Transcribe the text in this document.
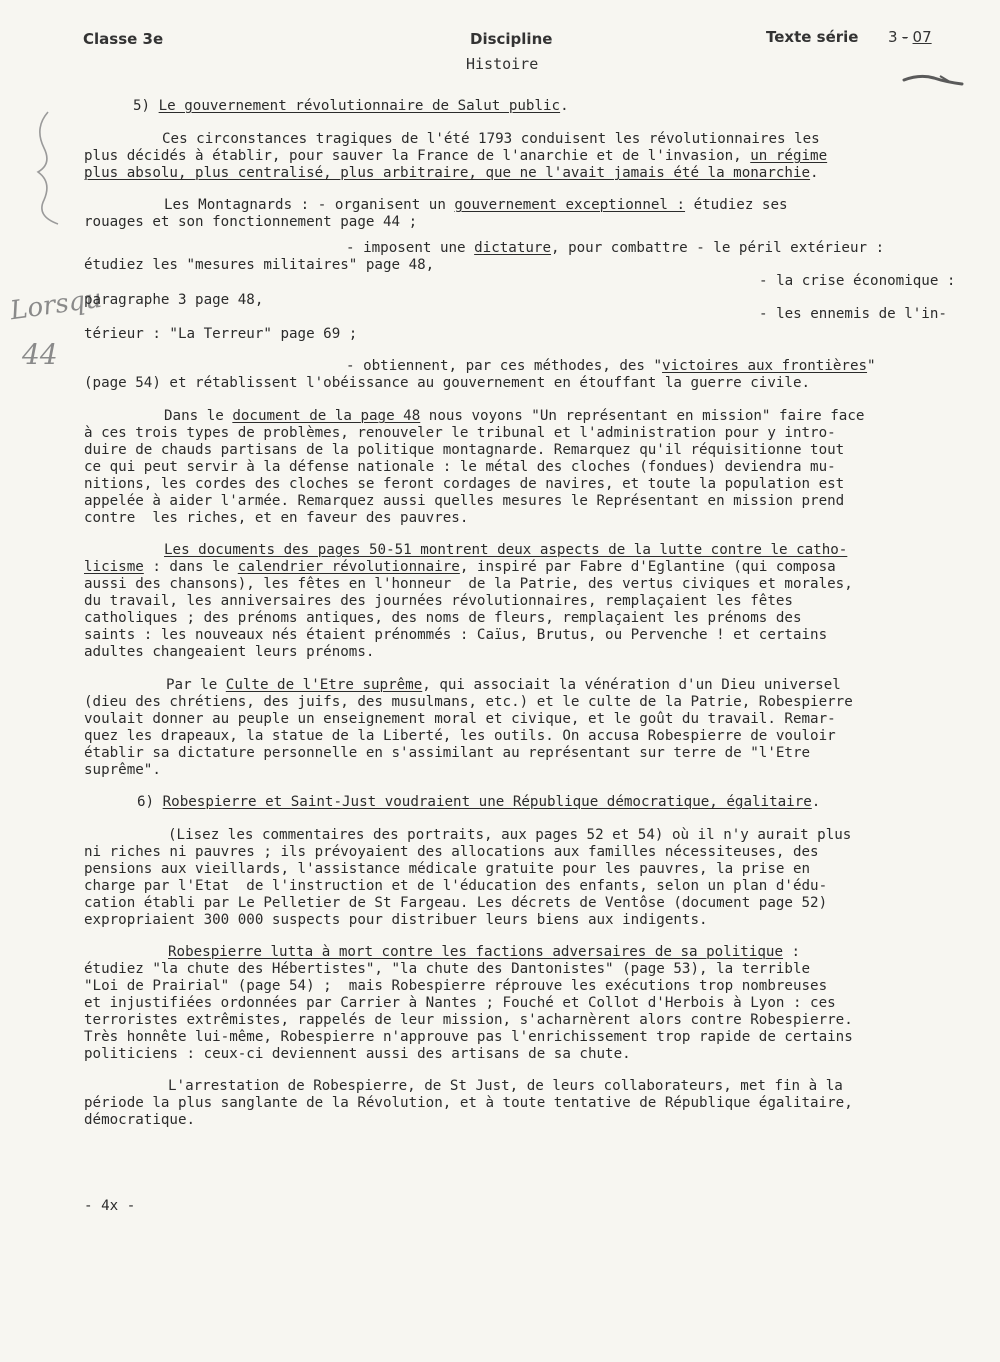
Classe 3e	Discipline
Histoire
Texte série 3 - 07
Lorsqu
44
5) Le gouvernement révolutionnaire de Salut public.
Ces circonstances tragiques de l'été 1793 conduisent les révolutionnaires les
plus décidés à établir, pour sauver la France de l'anarchie et de l'invasion, un régime
plus absolu, plus centralisé, plus arbitraire, que ne l'avait jamais été la monarchie.
Les Montagnards : - organisent un gouvernement exceptionnel : étudiez ses
rouages et son fonctionnement page 44 ;
- imposent une dictature, pour combattre - le péril extérieur :
étudiez les "mesures militaires" page 48,
- la crise économique :
paragraphe 3 page 48,
- les ennemis de l'in-
térieur : "La Terreur" page 69 ;
- obtiennent, par ces méthodes, des "victoires aux frontières"
(page 54) et rétablissent l'obéissance au gouvernement en étouffant la guerre civile.
Dans le document de la page 48 nous voyons "Un représentant en mission" faire face
à ces trois types de problèmes, renouveler le tribunal et l'administration pour y intro-
duire de chauds partisans de la politique montagnarde. Remarquez qu'il réquisitionne tout
ce qui peut servir à la défense nationale : le métal des cloches (fondues) deviendra mu-
nitions, les cordes des cloches se feront cordages de navires, et toute la population est
appelée à aider l'armée. Remarquez aussi quelles mesures le Représentant en mission prend
contre  les riches, et en faveur des pauvres.
Les documents des pages 50-51 montrent deux aspects de la lutte contre le catho-
licisme : dans le calendrier révolutionnaire, inspiré par Fabre d'Eglantine (qui composa
aussi des chansons), les fêtes en l'honneur  de la Patrie, des vertus civiques et morales,
du travail, les anniversaires des journées révolutionnaires, remplaçaient les fêtes
catholiques ; des prénoms antiques, des noms de fleurs, remplaçaient les prénoms des
saints : les nouveaux nés étaient prénommés : Caïus, Brutus, ou Pervenche ! et certains
adultes changeaient leurs prénoms.
Par le Culte de l'Etre suprême, qui associait la vénération d'un Dieu universel
(dieu des chrétiens, des juifs, des musulmans, etc.) et le culte de la Patrie, Robespierre
voulait donner au peuple un enseignement moral et civique, et le goût du travail. Remar-
quez les drapeaux, la statue de la Liberté, les outils. On accusa Robespierre de vouloir
établir sa dictature personnelle en s'assimilant au représentant sur terre de "l'Etre
suprême".
6) Robespierre et Saint-Just voudraient une République démocratique, égalitaire.
(Lisez les commentaires des portraits, aux pages 52 et 54) où il n'y aurait plus
ni riches ni pauvres ; ils prévoyaient des allocations aux familles nécessiteuses, des
pensions aux vieillards, l'assistance médicale gratuite pour les pauvres, la prise en
charge par l'Etat  de l'instruction et de l'éducation des enfants, selon un plan d'édu-
cation établi par Le Pelletier de St Fargeau. Les décrets de Ventôse (document page 52)
expropriaient 300 000 suspects pour distribuer leurs biens aux indigents.
Robespierre lutta à mort contre les factions adversaires de sa politique :
étudiez "la chute des Hébertistes", "la chute des Dantonistes" (page 53), la terrible
"Loi de Prairial" (page 54) ;  mais Robespierre réprouve les exécutions trop nombreuses
et injustifiées ordonnées par Carrier à Nantes ; Fouché et Collot d'Herbois à Lyon : ces
terroristes extrêmistes, rappelés de leur mission, s'acharnèrent alors contre Robespierre.
Très honnête lui-même, Robespierre n'approuve pas l'enrichissement trop rapide de certains
politiciens : ceux-ci deviennent aussi des artisans de sa chute.
L'arrestation de Robespierre, de St Just, de leurs collaborateurs, met fin à la
période la plus sanglante de la Révolution, et à toute tentative de République égalitaire,
démocratique.
- 4x -
